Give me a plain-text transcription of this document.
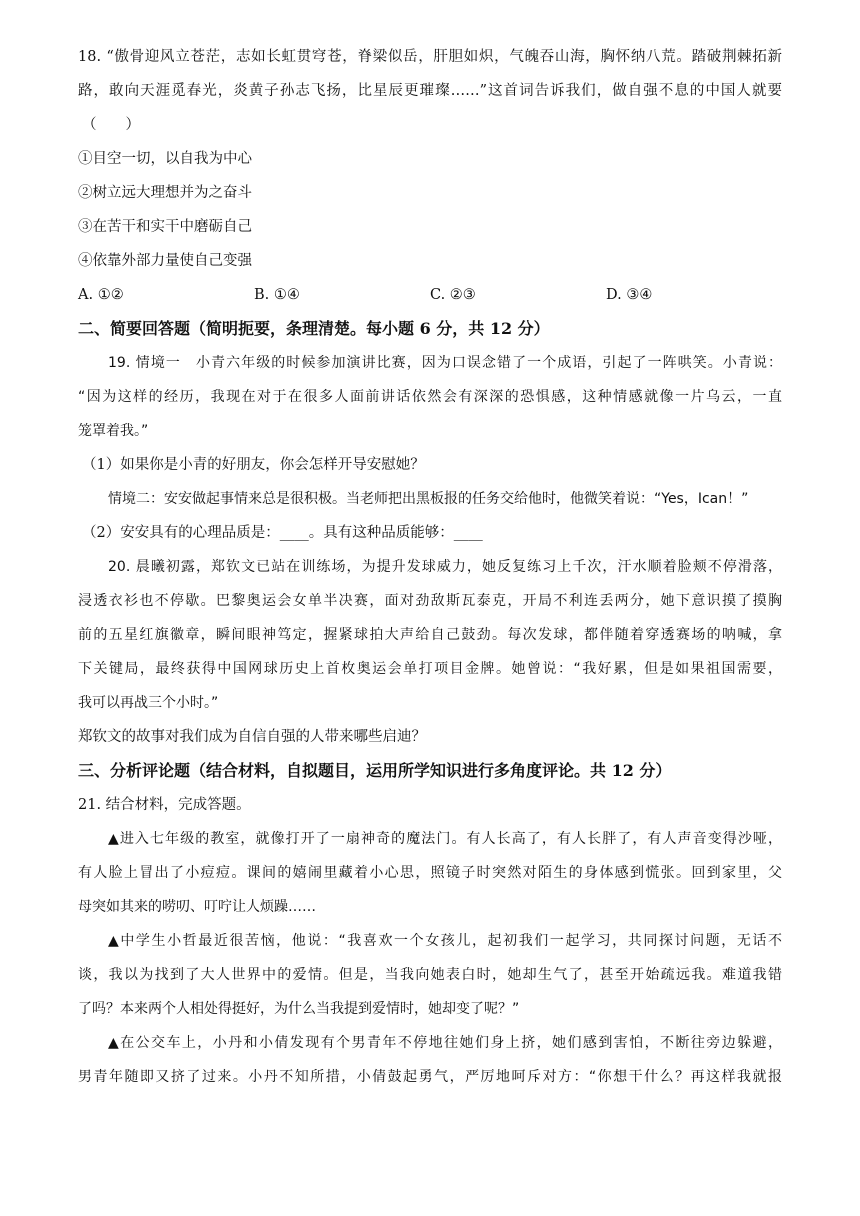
18. “傲骨迎风立苍茫，志如长虹贯穹苍，脊梁似岳，肝胆如炽，气魄吞山海，胸怀纳八荒。踏破荆棘拓新
路，敢向天涯觅春光，炎黄子孙志飞扬，比星辰更璀璨……”这首词告诉我们，做自强不息的中国人就要
（　　）
①目空一切，以自我为中心
②树立远大理想并为之奋斗
③在苦干和实干中磨砺自己
④依靠外部力量使自己变强
A. ①②	B. ①④	C. ②③	D. ③④
二、简要回答题（简明扼要，条理清楚。每小题 6 分，共 12 分）
19. 情境一　小青六年级的时候参加演讲比赛，因为口误念错了一个成语，引起了一阵哄笑。小青说：
“因为这样的经历，我现在对于在很多人面前讲话依然会有深深的恐惧感，这种情感就像一片乌云，一直
笼罩着我。”
（1）如果你是小青的好朋友，你会怎样开导安慰她？
情境二：安安做起事情来总是很积极。当老师把出黑板报的任务交给他时，他微笑着说：“Yes，Ican！”
（2）安安具有的心理品质是：____。具有这种品质能够：____
20. 晨曦初露，郑钦文已站在训练场，为提升发球威力，她反复练习上千次，汗水顺着脸颊不停滑落，
浸透衣衫也不停歇。巴黎奥运会女单半决赛，面对劲敌斯瓦泰克，开局不利连丢两分，她下意识摸了摸胸
前的五星红旗徽章，瞬间眼神笃定，握紧球拍大声给自己鼓劲。每次发球，都伴随着穿透赛场的呐喊，拿
下关键局，最终获得中国网球历史上首枚奥运会单打项目金牌。她曾说：“我好累，但是如果祖国需要，
我可以再战三个小时。”
郑钦文的故事对我们成为自信自强的人带来哪些启迪？
三、分析评论题（结合材料，自拟题目，运用所学知识进行多角度评论。共 12 分）
21. 结合材料，完成答题。
▲进入七年级的教室，就像打开了一扇神奇的魔法门。有人长高了，有人长胖了，有人声音变得沙哑，
有人脸上冒出了小痘痘。课间的嬉闹里藏着小心思，照镜子时突然对陌生的身体感到慌张。回到家里，父
母突如其来的唠叨、叮咛让人烦躁……
▲中学生小哲最近很苦恼，他说：“我喜欢一个女孩儿，起初我们一起学习，共同探讨问题，无话不
谈，我以为找到了大人世界中的爱情。但是，当我向她表白时，她却生气了，甚至开始疏远我。难道我错
了吗？本来两个人相处得挺好，为什么当我提到爱情时，她却变了呢？”
▲在公交车上，小丹和小倩发现有个男青年不停地往她们身上挤，她们感到害怕，不断往旁边躲避，
男青年随即又挤了过来。小丹不知所措，小倩鼓起勇气，严厉地呵斥对方：“你想干什么？再这样我就报
